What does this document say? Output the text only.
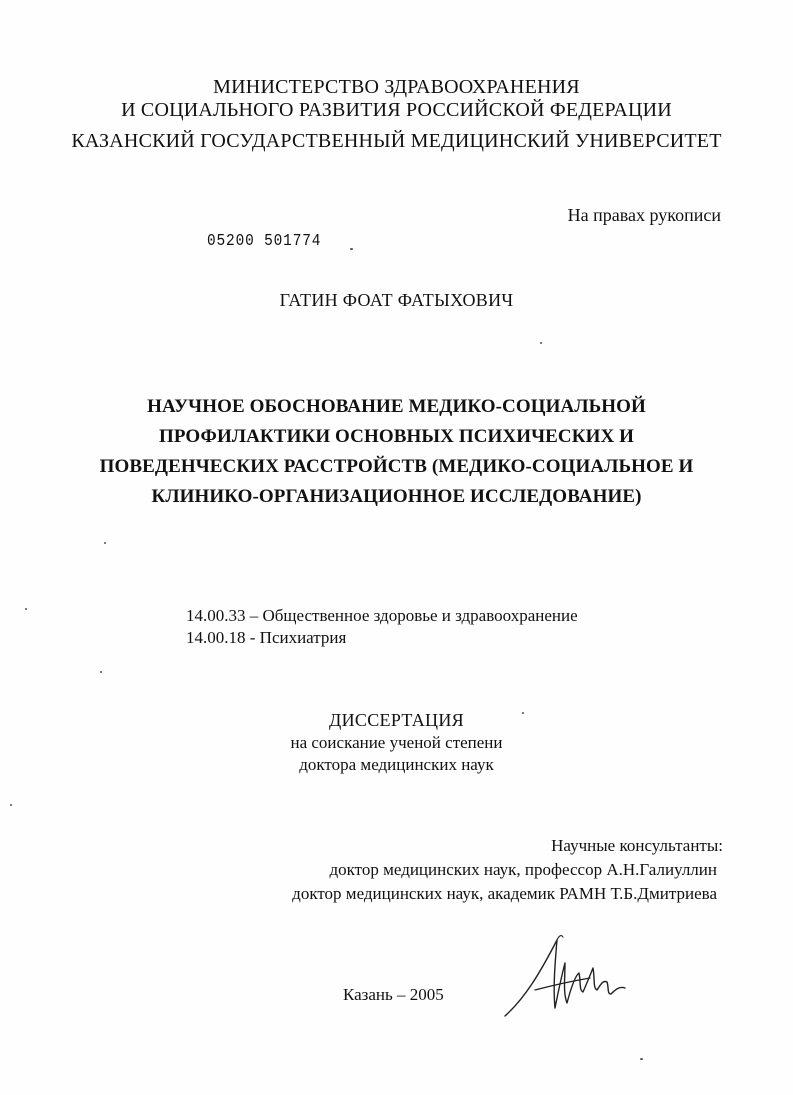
МИНИСТЕРСТВО ЗДРАВООХРАНЕНИЯ
И СОЦИАЛЬНОГО РАЗВИТИЯ РОССИЙСКОЙ ФЕДЕРАЦИИ
КАЗАНСКИЙ ГОСУДАРСТВЕННЫЙ МЕДИЦИНСКИЙ УНИВЕРСИТЕТ
На правах рукописи
05200 501774
ГАТИН ФОАТ ФАТЫХОВИЧ
НАУЧНОЕ ОБОСНОВАНИЕ МЕДИКО-СОЦИАЛЬНОЙ
ПРОФИЛАКТИКИ ОСНОВНЫХ ПСИХИЧЕСКИХ И
ПОВЕДЕНЧЕСКИХ РАССТРОЙСТВ (МЕДИКО-СОЦИАЛЬНОЕ И
КЛИНИКО-ОРГАНИЗАЦИОННОЕ ИССЛЕДОВАНИЕ)
14.00.33 – Общественное здоровье и здравоохранение
14.00.18 - Психиатрия
ДИССЕРТАЦИЯ
на соискание ученой степени
доктора медицинских наук
Научные консультанты:
доктор медицинских наук, профессор А.Н.Галиуллин
доктор медицинских наук, академик РАМН Т.Б.Дмитриева
Казань – 2005
